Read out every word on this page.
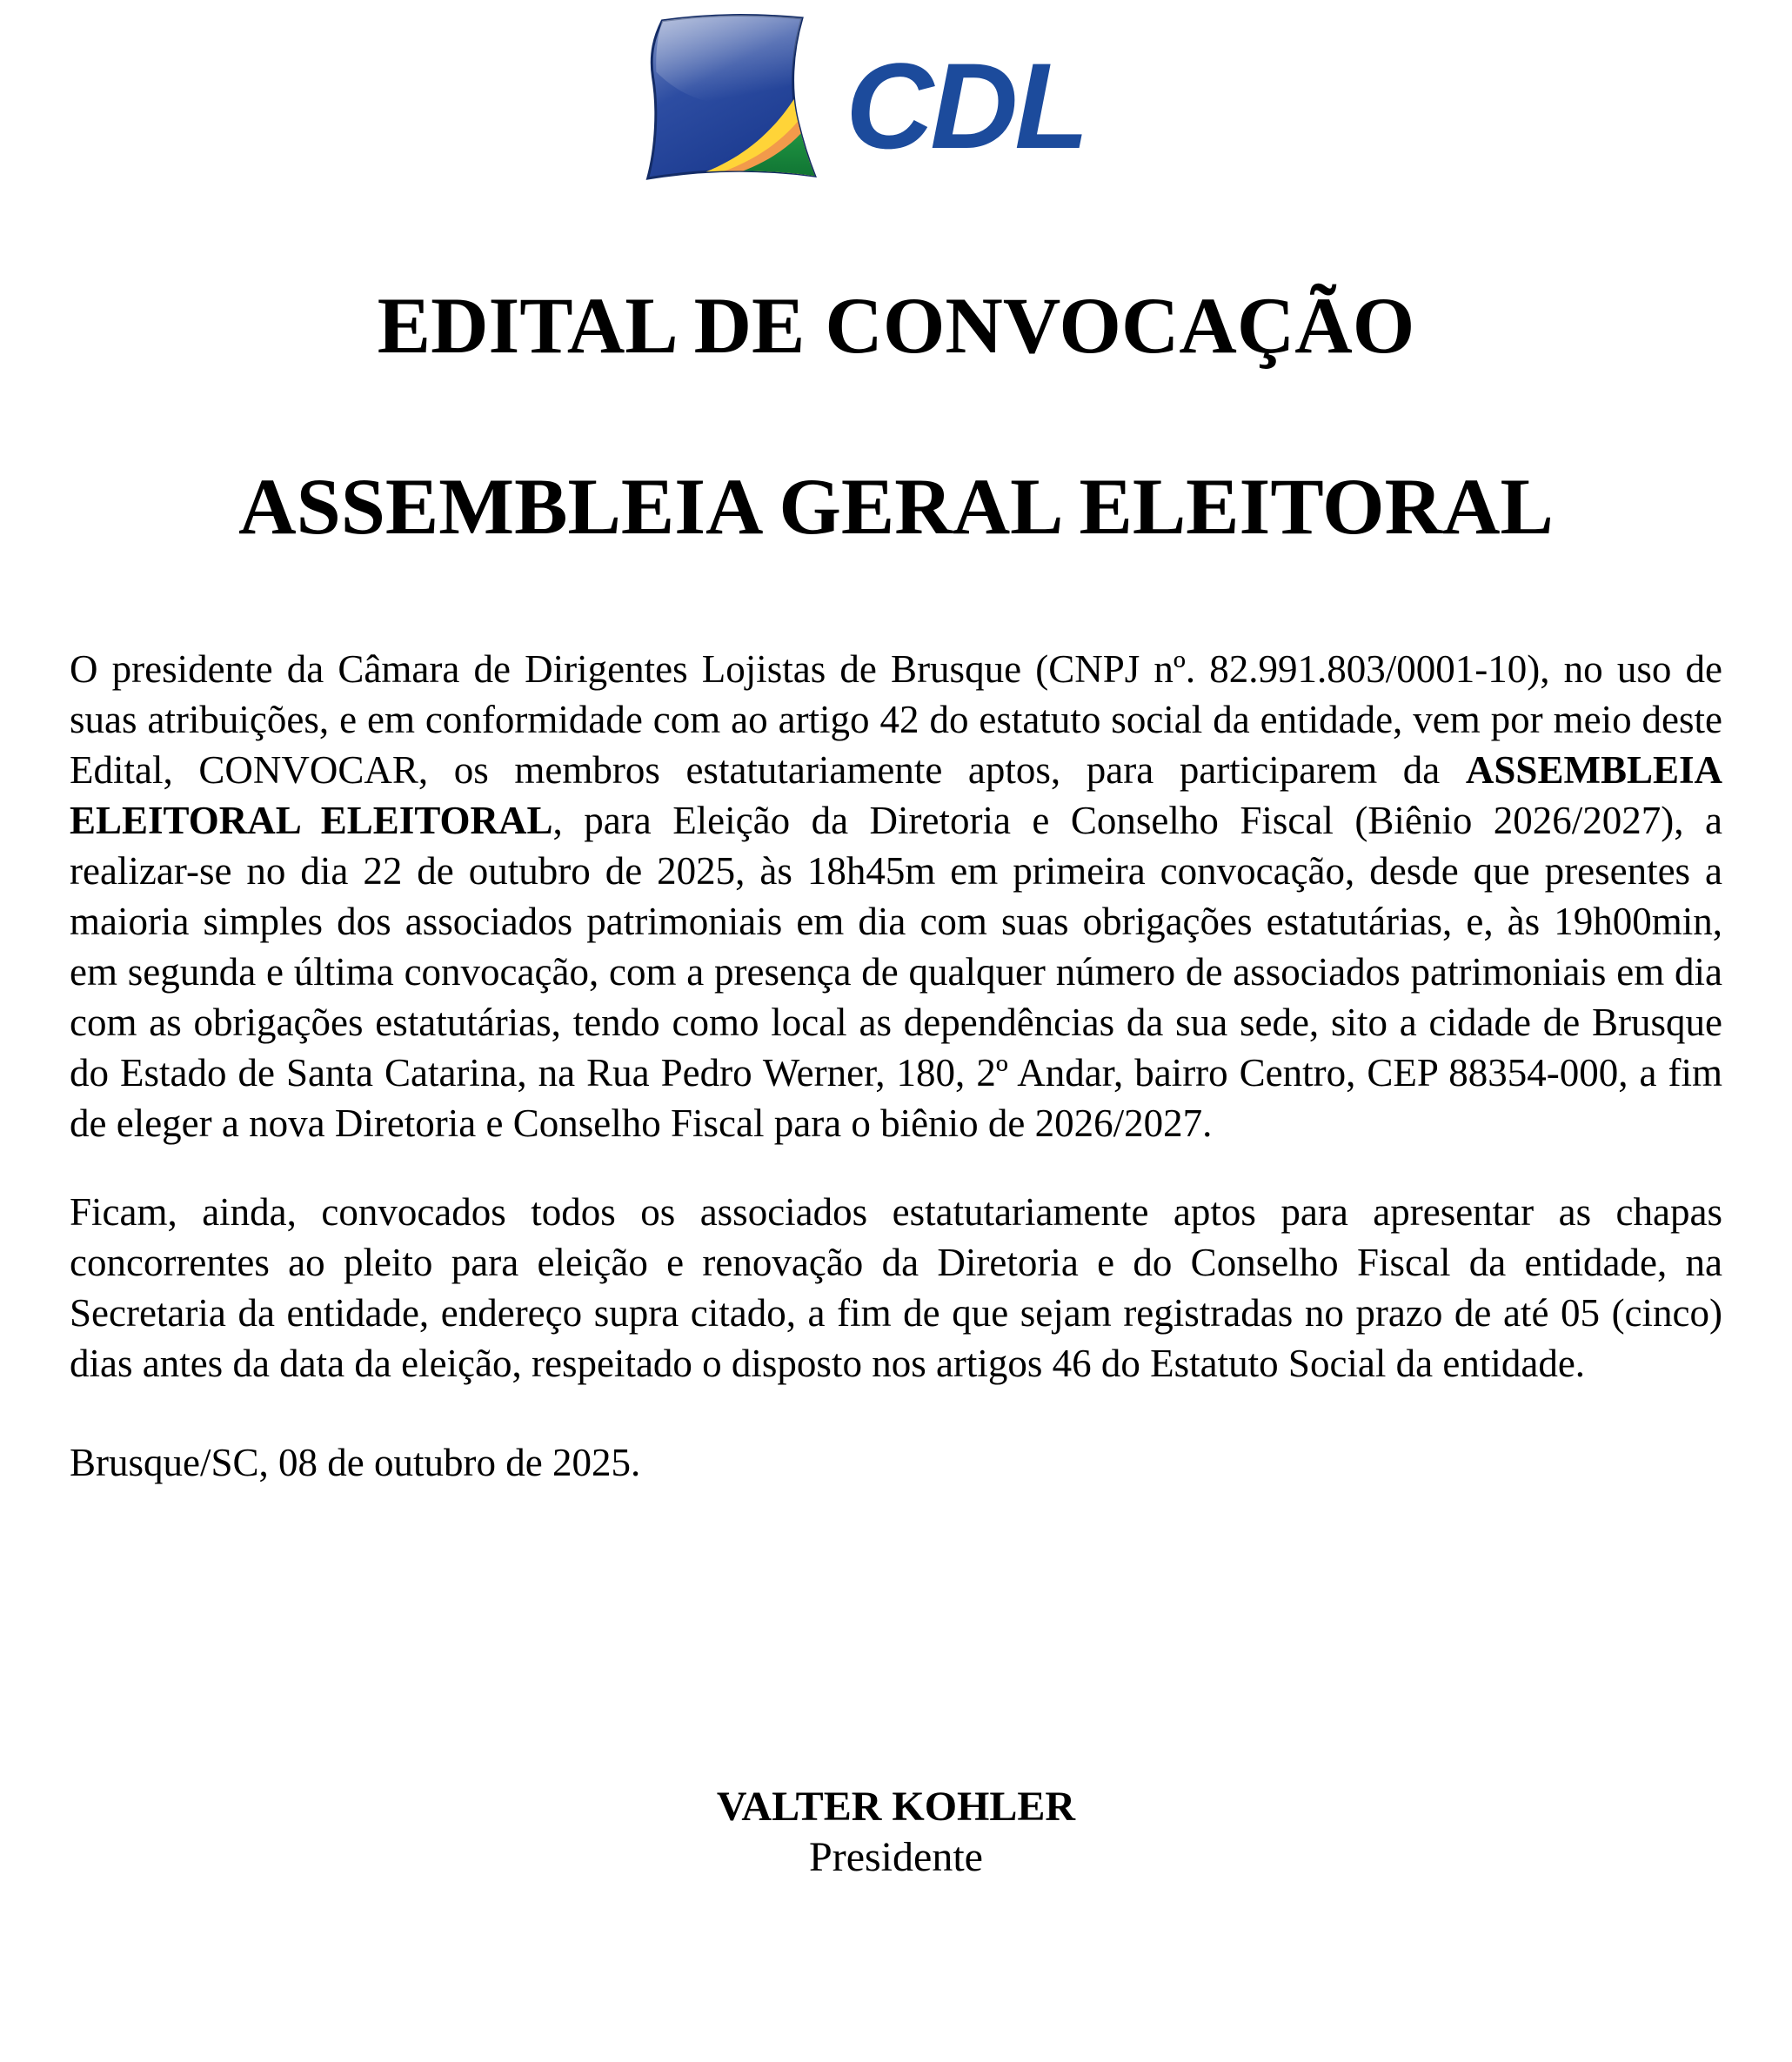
CDL
EDITAL DE CONVOCAÇÃO
ASSEMBLEIA GERAL ELEITORAL

O presidente da Câmara de Dirigentes Lojistas de Brusque (CNPJ nº. 82.991.803/0001-10), no uso de suas atribuições, e em conformidade com ao artigo 42 do estatuto social da entidade, vem por meio deste Edital, CONVOCAR, os membros estatutariamente aptos, para participarem da ASSEMBLEIA ELEITORAL ELEITORAL, para Eleição da Diretoria e Conselho Fiscal (Biênio 2026/2027), a realizar-se no dia 22 de outubro de 2025, às 18h45m em primeira convocação, desde que presentes a maioria simples dos associados patrimoniais em dia com suas obrigações estatutárias, e, às 19h00min, em segunda e última convocação, com a presença de qualquer número de associados patrimoniais em dia com as obrigações estatutárias, tendo como local as dependências da sua sede, sito a cidade de Brusque do Estado de Santa Catarina, na Rua Pedro Werner, 180, 2º Andar, bairro Centro, CEP 88354-000, a fim de eleger a nova Diretoria e Conselho Fiscal para o biênio de 2026/2027.

Ficam, ainda, convocados todos os associados estatutariamente aptos para apresentar as chapas concorrentes ao pleito para eleição e renovação da Diretoria e do Conselho Fiscal da entidade, na Secretaria da entidade, endereço supra citado, a fim de que sejam registradas no prazo de até 05 (cinco) dias antes da data da eleição, respeitado o disposto nos artigos 46 do Estatuto Social da entidade.

Brusque/SC, 08 de outubro de 2025.

VALTER KOHLER
Presidente
